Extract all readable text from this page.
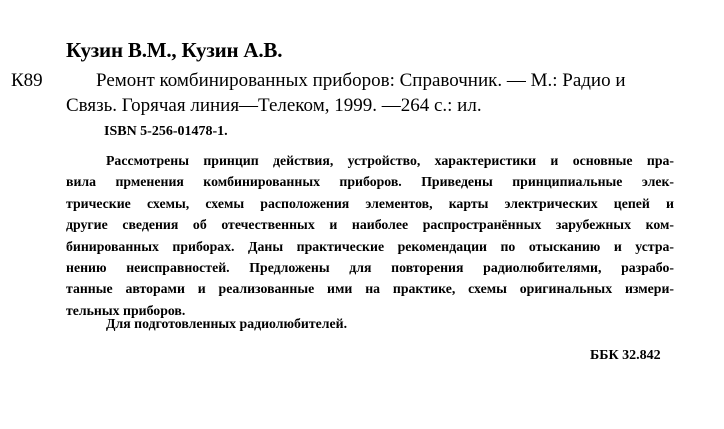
Кузин В.М., Кузин А.В.
К89	Ремонт комбинированных приборов: Справочник. — М.: Радио и
Связь. Горячая линия—Телеком, 1999. —264 с.: ил.
ISBN 5-256-01478-1.
Рассмотрены принцип действия, устройство, характеристики и основные пра-
вила прменения комбинированных приборов. Приведены принципиальные элек-
трические схемы, схемы расположения элементов, карты электрических цепей и
другие сведения об отечественных и наиболее распространённых зарубежных ком-
бинированных приборах. Даны практические рекомендации по отысканию и устра-
нению неисправностей. Предложены для повторения радиолюбителями, разрабо-
танные авторами и реализованные ими на практике, схемы оригинальных измери-
тельных приборов.
Для подготовленных радиолюбителей.
ББК 32.842
